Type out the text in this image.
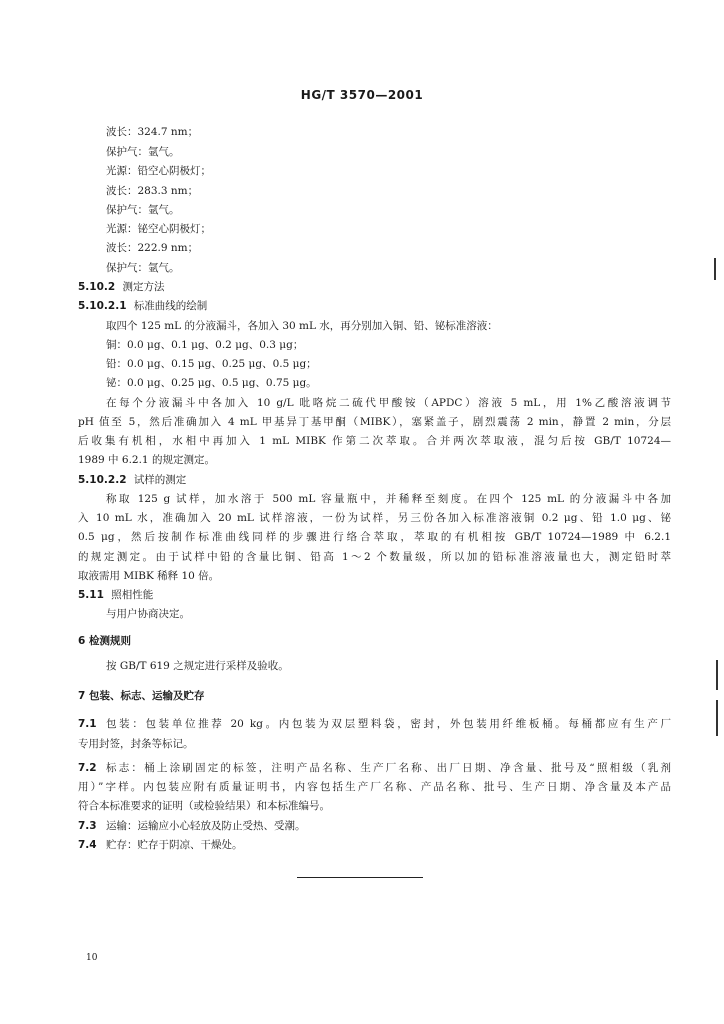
HG/T 3570—2001
波长：324.7 nm；
保护气：氩气。
光源：铅空心阴极灯；
波长：283.3 nm；
保护气：氩气。
光源：铋空心阴极灯；
波长：222.9 nm；
保护气：氩气。
5.10.2 测定方法
5.10.2.1 标准曲线的绘制
取四个 125 mL 的分液漏斗，各加入 30 mL 水，再分别加入铜、铅、铋标准溶液：
铜：0.0 μg、0.1 μg、0.2 μg、0.3 μg；
铅：0.0 μg、0.15 μg、0.25 μg、0.5 μg；
铋：0.0 μg、0.25 μg、0.5 μg、0.75 μg。
在每个分液漏斗中各加入 10 g/L 吡咯烷二硫代甲酸铵（APDC）溶液 5 mL，用 1%乙酸溶液调节
pH 值至 5，然后准确加入 4 mL 甲基异丁基甲酮（MIBK），塞紧盖子，剧烈震荡 2 min，静置 2 min，分层
后收集有机相，水相中再加入 1 mL MIBK 作第二次萃取。合并两次萃取液，混匀后按 GB/T 10724—
1989 中 6.2.1 的规定测定。
5.10.2.2 试样的测定
称取 125 g 试样，加水溶于 500 mL 容量瓶中，并稀释至刻度。在四个 125 mL 的分液漏斗中各加
入 10 mL 水，准确加入 20 mL 试样溶液，一份为试样，另三份各加入标准溶液铜 0.2 μg、铅 1.0 μg、铋
0.5 μg，然后按制作标准曲线同样的步骤进行络合萃取，萃取的有机相按 GB/T 10724—1989 中 6.2.1
的规定测定。由于试样中铅的含量比铜、铅高 1～2 个数量级，所以加的铅标准溶液量也大，测定铅时萃
取液需用 MIBK 稀释 10 倍。
5.11 照相性能
与用户协商决定。
6 检测规则
按 GB/T 619 之规定进行采样及验收。
7 包装、标志、运输及贮存
7.1 包装：包装单位推荐 20 kg。内包装为双层塑料袋，密封，外包装用纤维板桶。每桶都应有生产厂
专用封签，封条等标记。
7.2 标志：桶上涂刷固定的标签，注明产品名称、生产厂名称、出厂日期、净含量、批号及“照相级（乳剂
用）”字样。内包装应附有质量证明书，内容包括生产厂名称、产品名称、批号、生产日期、净含量及本产品
符合本标准要求的证明（或检验结果）和本标准编号。
7.3 运输：运输应小心轻放及防止受热、受潮。
7.4 贮存：贮存于阴凉、干燥处。
10
